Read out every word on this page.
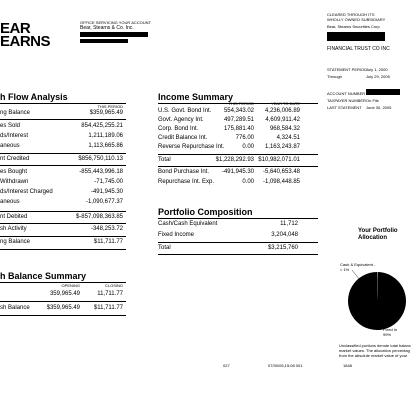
EAR
EARNS
OFFICE SERVICING YOUR ACCOUNT
Bear, Stearns & Co. Inc.
CLEARED THROUGH ITS
WHOLLY OWNED SUBSIDIARY
Bear, Stearns Securities Corp
FINANCIAL TRUST CO INC
STATEMENT PERIOD
July 1, 2000
Through	July 29, 2005
ACCOUNT NUMBER
TAXPAYER NUMBER On File
LAST STATEMENT June 30, 2005
h Flow Analysis
THIS PERIOD
ng Balance	$359,965.49
es Sold	854,425,255.21
ds/Interest	1,211,189.06
aneous	1,113,665.86
nt Credited	$856,750,110.13
es Bought	-855,443,996.18
Withdrawn	-71,745.00
ds/Interest Charged	-491,945.30
aneous	-1,090,677.37
nt Debited	$-857,098,363.85
sh Activity	-348,253.72
ng Balance	$11,711.77
h Balance Summary
OPENING	CLOSING
359,965.49	11,711.77
sh Balance	$359,965.49	$11,711.77
Income Summary
THIS PERIOD	YEAR TO DATE
U.S. Govt. Bond Int.	554,343.02	4,236,006.89
Govt. Agency Int.	497,289.51	4,609,911.42
Corp. Bond Int.	175,881.40	968,584.32
Credit Balance Int.	776.00	4,324.51
Reverse Repurchase Int.	0.00	1,163,243.87
Total	$1,228,292.93 $10,982,071.01
Bond Purchase Int.	-491,945.30	-5,640,653.48
Repurchase Int. Exp.	0.00	-1,098,448.85
Portfolio Composition
Cash/Cash Equivalent	11,712
Fixed Income	3,204,048
Total	$3,215,760
Your Portfolio
Allocation
Cash & Equivalent -
< 1%
Fixed In
99%
Unclassified portions denote total balanc
market values. The allocation percentag
from the absolute market value of your
027	07/30/05,15:08 001	1848
